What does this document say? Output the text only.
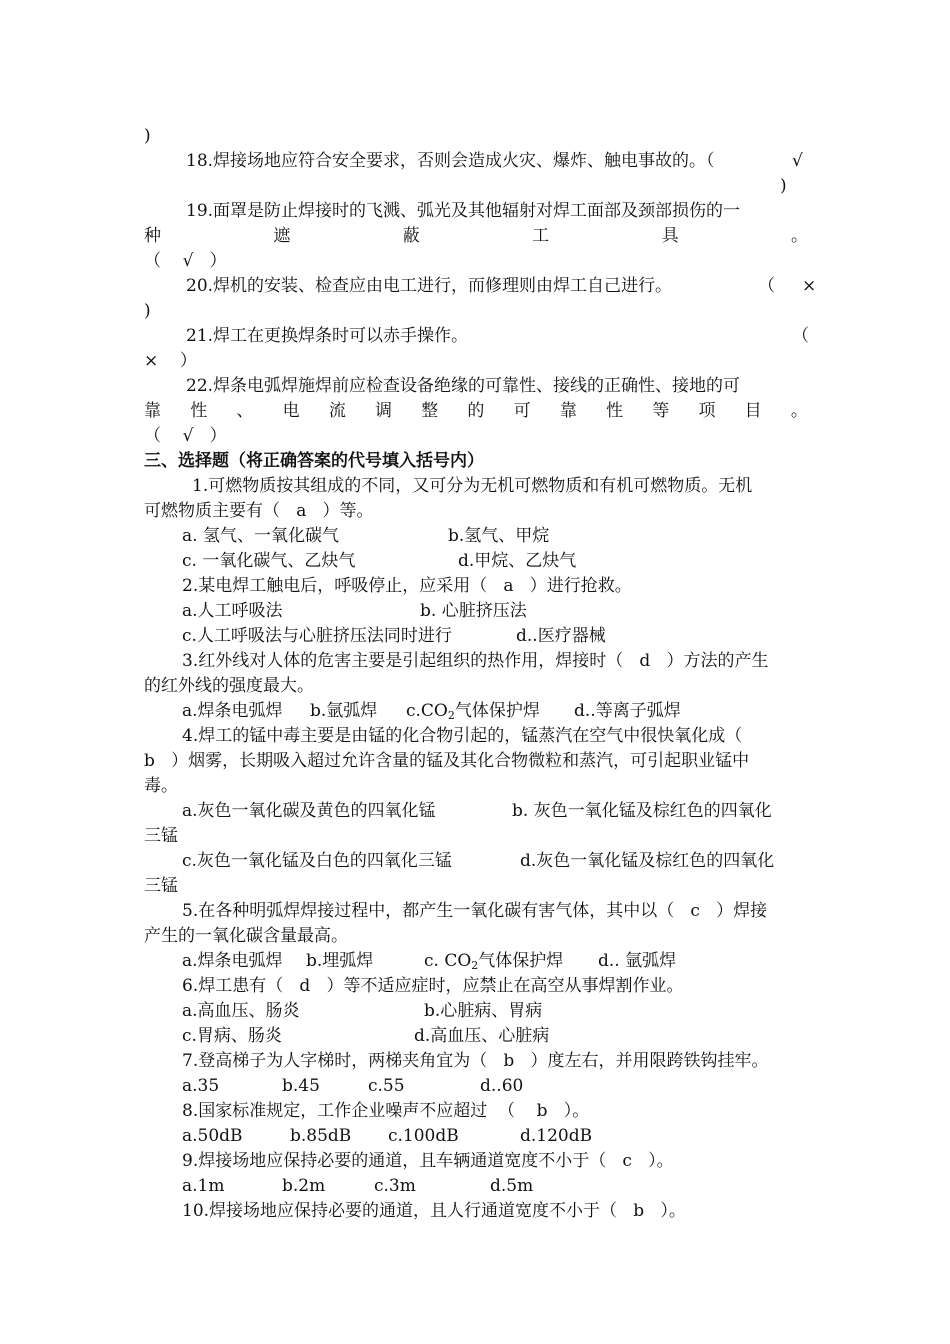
)
18.焊接场地应符合安全要求，否则会造成火灾、爆炸、触电事故的。（	√
)
19.面罩是防止焊接时的飞溅、弧光及其他辐射对焊工面部及颈部损伤的一
种	遮	蔽	工	具	。
（    √   ）
20.焊机的安装、检查应由电工进行，而修理则由焊工自己进行。	（     ×
)
21.焊工在更换焊条时可以赤手操作。	（
×    ）
22.焊条电弧焊施焊前应检查设备绝缘的可靠性、接线的正确性、接地的可
靠 性 、 电 流 调 整 的 可 靠 性 等 项 目 。
（    √   ）
三、选择题（将正确答案的代号填入括号内）
1.可燃物质按其组成的不同，又可分为无机可燃物质和有机可燃物质。无机
可燃物质主要有（   a   ）等。
a. 氢气、一氧化碳气	b.氢气、甲烷
c. 一氧化碳气、乙炔气	d.甲烷、乙炔气
2.某电焊工触电后，呼吸停止，应采用（   a   ）进行抢救。
a.人工呼吸法	b. 心脏挤压法
c.人工呼吸法与心脏挤压法同时进行	d..医疗器械
3.红外线对人体的危害主要是引起组织的热作用，焊接时（   d   ）方法的产生
的红外线的强度最大。
a.焊条电弧焊 b.氩弧焊 $c.CO_2$气体保护焊 d..等离子弧焊
4.焊工的锰中毒主要是由锰的化合物引起的，锰蒸汽在空气中很快氧化成（
b   ）烟雾，长期吸入超过允许含量的锰及其化合物微粒和蒸汽，可引起职业锰中
毒。
a.灰色一氧化碳及黄色的四氧化锰	b. 灰色一氧化锰及棕红色的四氧化
三锰
c.灰色一氧化锰及白色的四氧化三锰	d.灰色一氧化锰及棕红色的四氧化
三锰
5.在各种明弧焊焊接过程中，都产生一氧化碳有害气体，其中以（   c   ）焊接
产生的一氧化碳含量最高。
a.焊条电弧焊 b.埋弧焊	c. $CO_2$气体保护焊 d.. 氩弧焊
6.焊工患有（   d   ）等不适应症时，应禁止在高空从事焊割作业。
a.高血压、肠炎	b.心脏病、胃病
c.胃病、肠炎	d.高血压、心脏病
7.登高梯子为人字梯时，两梯夹角宜为（   b   ）度左右，并用限跨铁钩挂牢。
a.35	b.45	c.55	d..60
8.国家标准规定，工作企业噪声不应超过  （    b   ）。
a.50dB	b.85dB c.100dB	d.120dB
9.焊接场地应保持必要的通道，且车辆通道宽度不小于（   c   ）。
a.1m	b.2m	c.3m	d.5m
10.焊接场地应保持必要的通道，且人行通道宽度不小于（   b   ）。
